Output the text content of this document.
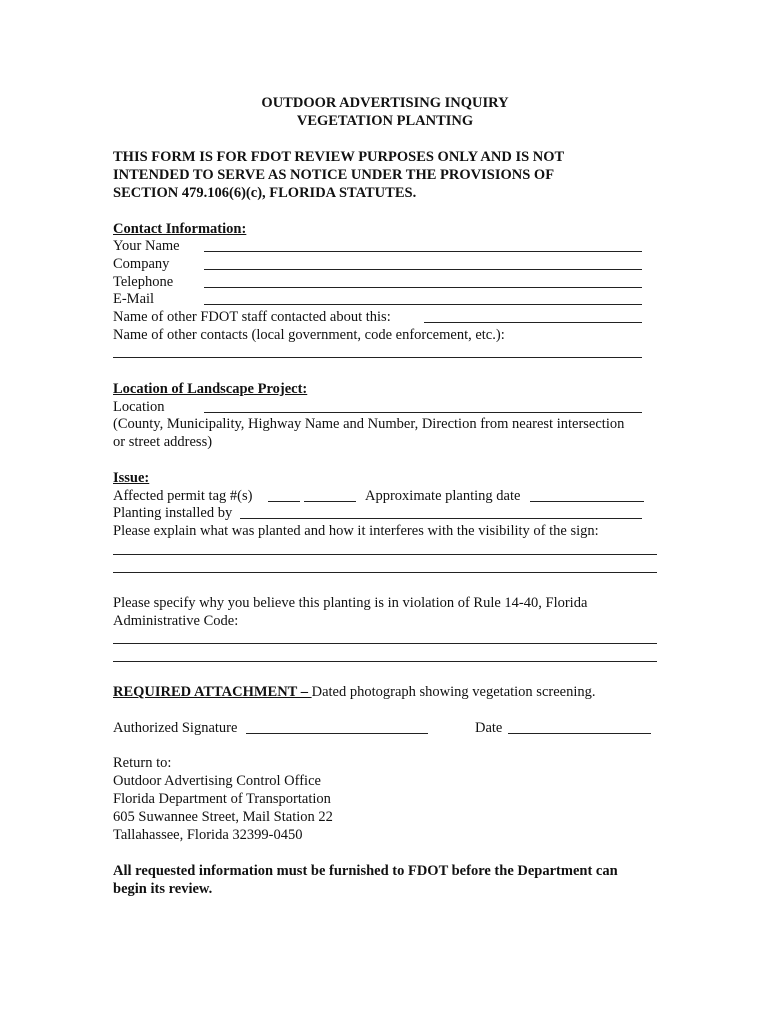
OUTDOOR ADVERTISING INQUIRY
VEGETATION PLANTING
THIS FORM IS FOR FDOT REVIEW PURPOSES ONLY AND IS NOT
INTENDED TO SERVE AS NOTICE UNDER THE PROVISIONS OF
SECTION 479.106(6)(c), FLORIDA STATUTES.
Contact Information:
Your Name
Company
Telephone
E-Mail
Name of other FDOT staff contacted about this:
Name of other contacts (local government, code enforcement, etc.):
Location of Landscape Project:
Location
(County, Municipality, Highway Name and Number, Direction from nearest intersection
or street address)
Issue:
Affected permit tag #(s)	Approximate planting date
Planting installed by
Please explain what was planted and how it interferes with the visibility of the sign:
Please specify why you believe this planting is in violation of Rule 14-40, Florida
Administrative Code:
REQUIRED ATTACHMENT – Dated photograph showing vegetation screening.
Authorized Signature	Date
Return to:
Outdoor Advertising Control Office
Florida Department of Transportation
605 Suwannee Street, Mail Station 22
Tallahassee, Florida 32399-0450
All requested information must be furnished to FDOT before the Department can
begin its review.
